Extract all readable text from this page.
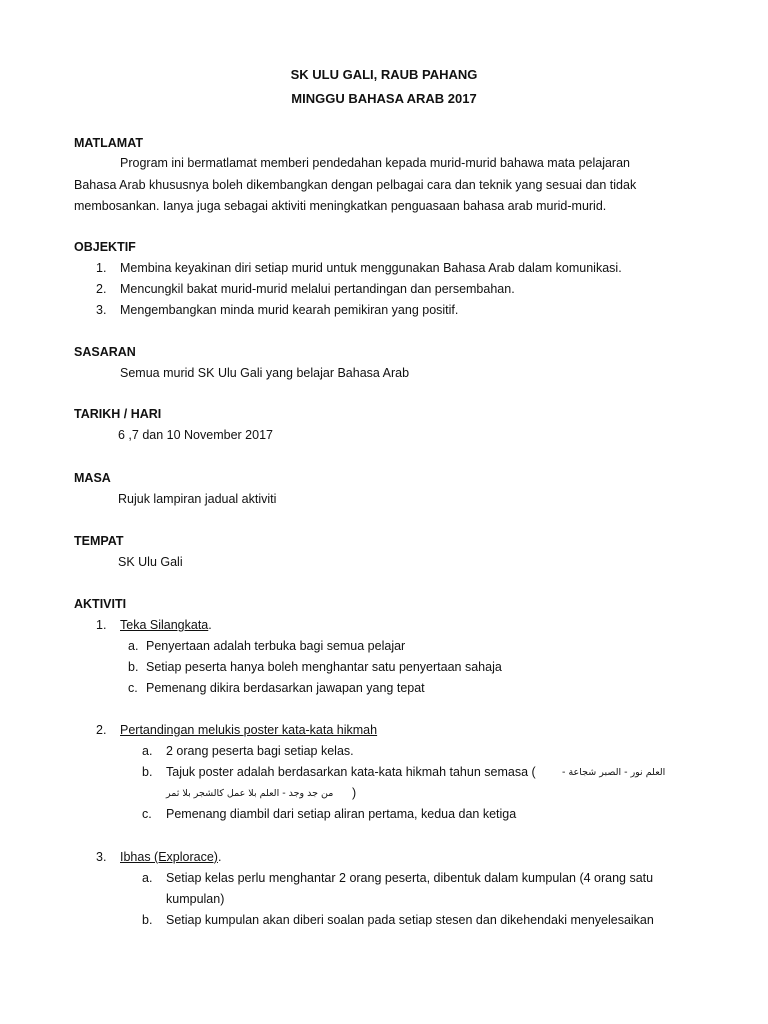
SK ULU GALI, RAUB PAHANG
MINGGU BAHASA ARAB 2017
MATLAMAT
Program ini bermatlamat memberi pendedahan kepada murid-murid bahawa mata pelajaran
Bahasa Arab khususnya boleh dikembangkan dengan pelbagai cara dan teknik yang sesuai dan tidak
membosankan. Ianya juga sebagai aktiviti meningkatkan penguasaan bahasa arab murid-murid.
OBJEKTIF
1. Membina keyakinan diri setiap murid untuk menggunakan Bahasa Arab dalam komunikasi.
2. Mencungkil bakat murid-murid melalui pertandingan dan persembahan.
3. Mengembangkan minda murid kearah pemikiran yang positif.
SASARAN
Semua murid SK Ulu Gali yang belajar Bahasa Arab
TARIKH / HARI
6 ,7 dan 10 November 2017
MASA
Rujuk lampiran jadual aktiviti
TEMPAT
SK Ulu Gali
AKTIVITI
1. Teka Silangkata.
a. Penyertaan adalah terbuka bagi semua pelajar
b. Setiap peserta hanya boleh menghantar satu penyertaan sahaja
c. Pemenang dikira berdasarkan jawapan yang tepat
2. Pertandingan melukis poster kata-kata hikmah
a. 2 orang peserta bagi setiap kelas.
b. Tajuk poster adalah berdasarkan kata-kata hikmah tahun semasa (	العلم نور - الصبر شجاعة -
من جد وجد - العلم بلا عمل كالشجر بلا ثمر )
c. Pemenang diambil dari setiap aliran pertama, kedua dan ketiga
3. Ibhas (Explorace).
a. Setiap kelas perlu menghantar 2 orang peserta, dibentuk dalam kumpulan (4 orang satu
kumpulan)
b. Setiap kumpulan akan diberi soalan pada setiap stesen dan dikehendaki menyelesaikan
